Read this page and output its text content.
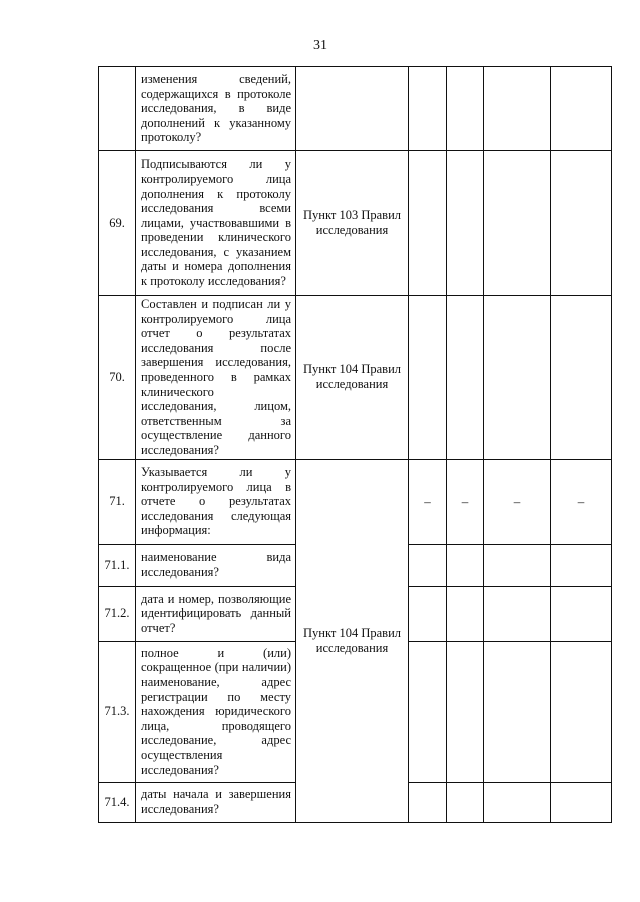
31

	изменения сведений, содержащихся в протоколе исследования, в виде дополнений к указанному протоколу?					

69.	Подписываются ли у контролируемого лица дополнения к протоколу исследования всеми лицами, участвовавшими в проведении клинического исследования, с указанием даты и номера дополнения к протоколу исследования?	Пункт 103 Правил исследования				
70.	Составлен и подписан ли у контролируемого лица отчет о результатах исследования после завершения исследования, проведенного в рамках клинического исследования, лицом, ответственным за осуществление данного исследования?	Пункт 104 Правил исследования				
71.	Указывается ли у контролируемого лица в отчете о результатах исследования следующая информация:	Пункт 104 Правил исследования	–	–	–	–
71.1.	наименование вида исследования?					

71.2.	дата и номер, позволяющие идентифицировать данный отчет?					

71.3.	полное и (или) сокращенное (при наличии) наименование, адрес регистрации по месту нахождения юридического лица, проводящего исследование, адрес осуществления исследования?					

71.4.	даты начала и завершения исследования?					
